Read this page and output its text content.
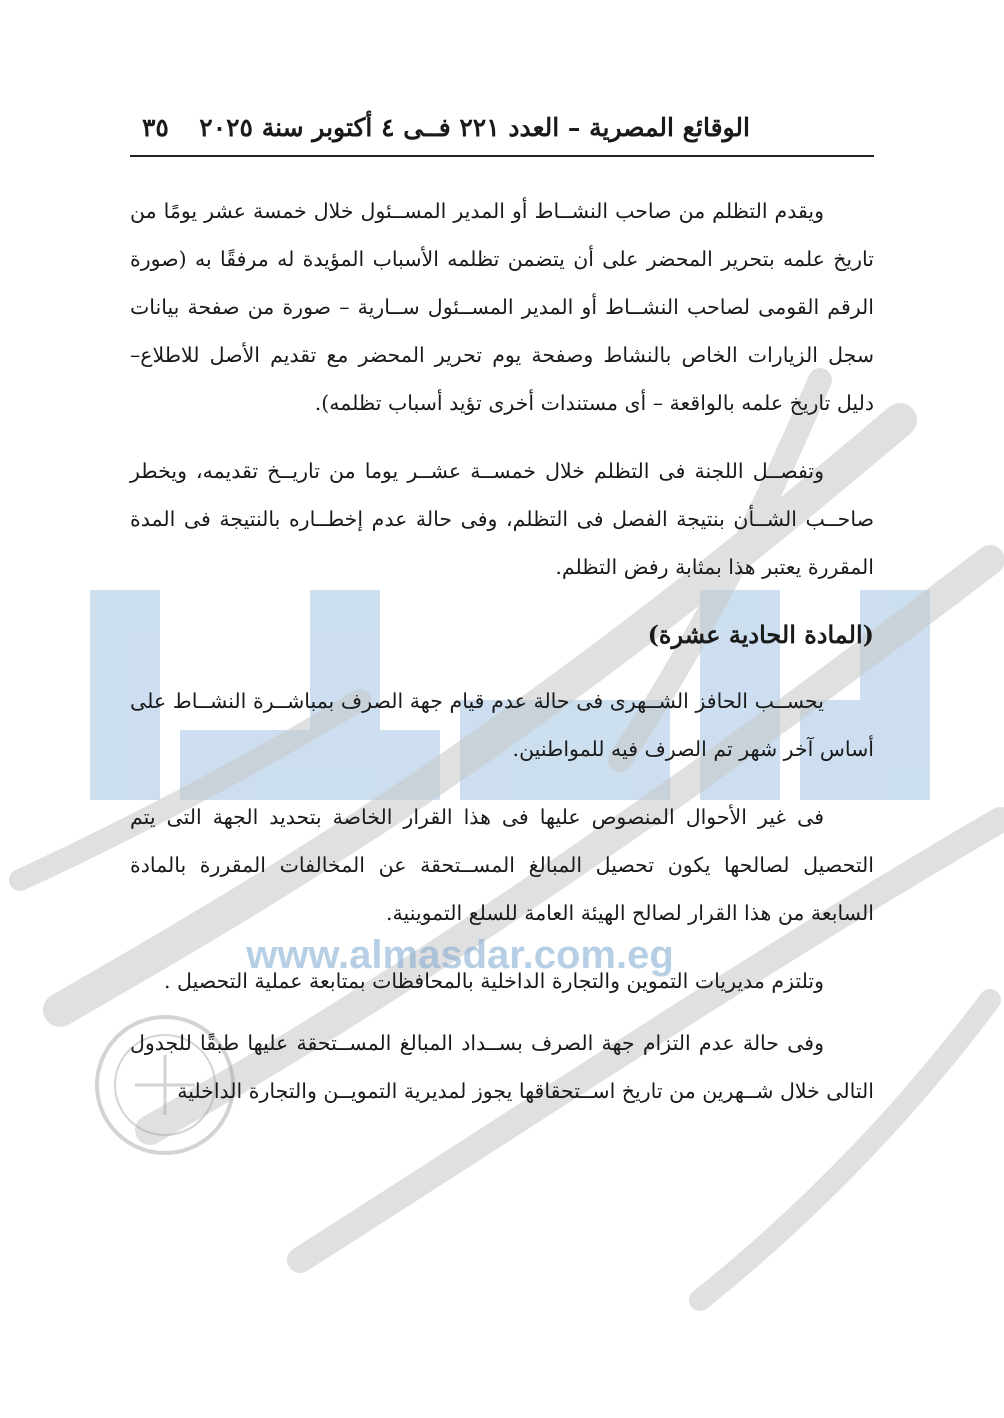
www.almasdar.com.eg
الوقائع المصرية – العدد ٢٢١ فــى ٤ أكتوبر سنة ٢٠٢٥
٣٥

ويقدم التظلم من صاحب النشــاط أو المدير المســئول خلال خمسة عشر يومًا من تاريخ علمه بتحرير المحضر على أن يتضمن تظلمه الأسباب المؤيدة له مرفقًا به (صورة الرقم القومى لصاحب النشــاط أو المدير المســئول ســارية – صورة من صفحة بيانات سجل الزيارات الخاص بالنشاط وصفحة يوم تحرير المحضر مع تقديم الأصل للاطلاع– دليل تاريخ علمه بالواقعة – أى مستندات أخرى تؤيد أسباب تظلمه).

وتفصــل اللجنة فى التظلم خلال خمســة عشــر يوما من تاريــخ تقديمه، ويخطر صاحــب الشــأن بنتيجة الفصل فى التظلم، وفى حالة عدم إخطــاره بالنتيجة فى المدة المقررة يعتبر هذا بمثابة رفض التظلم.

(المادة الحادية عشرة)

يحســب الحافز الشــهرى فى حالة عدم قيام جهة الصرف بمباشــرة النشــاط على أساس آخر شهر تم الصرف فيه للمواطنين.

فى غير الأحوال المنصوص عليها فى هذا القرار الخاصة بتحديد الجهة التى يتم التحصيل لصالحها يكون تحصيل المبالغ المســتحقة عن المخالفات المقررة بالمادة السابعة من هذا القرار لصالح الهيئة العامة للسلع التموينية.

وتلتزم مديريات التموين والتجارة الداخلية بالمحافظات بمتابعة عملية التحصيل .

وفى حالة عدم التزام جهة الصرف بســداد المبالغ المســتحقة عليها طبقًا للجدول التالى خلال شــهرين من تاريخ اســتحقاقها يجوز لمديرية التمويــن والتجارة الداخلية
